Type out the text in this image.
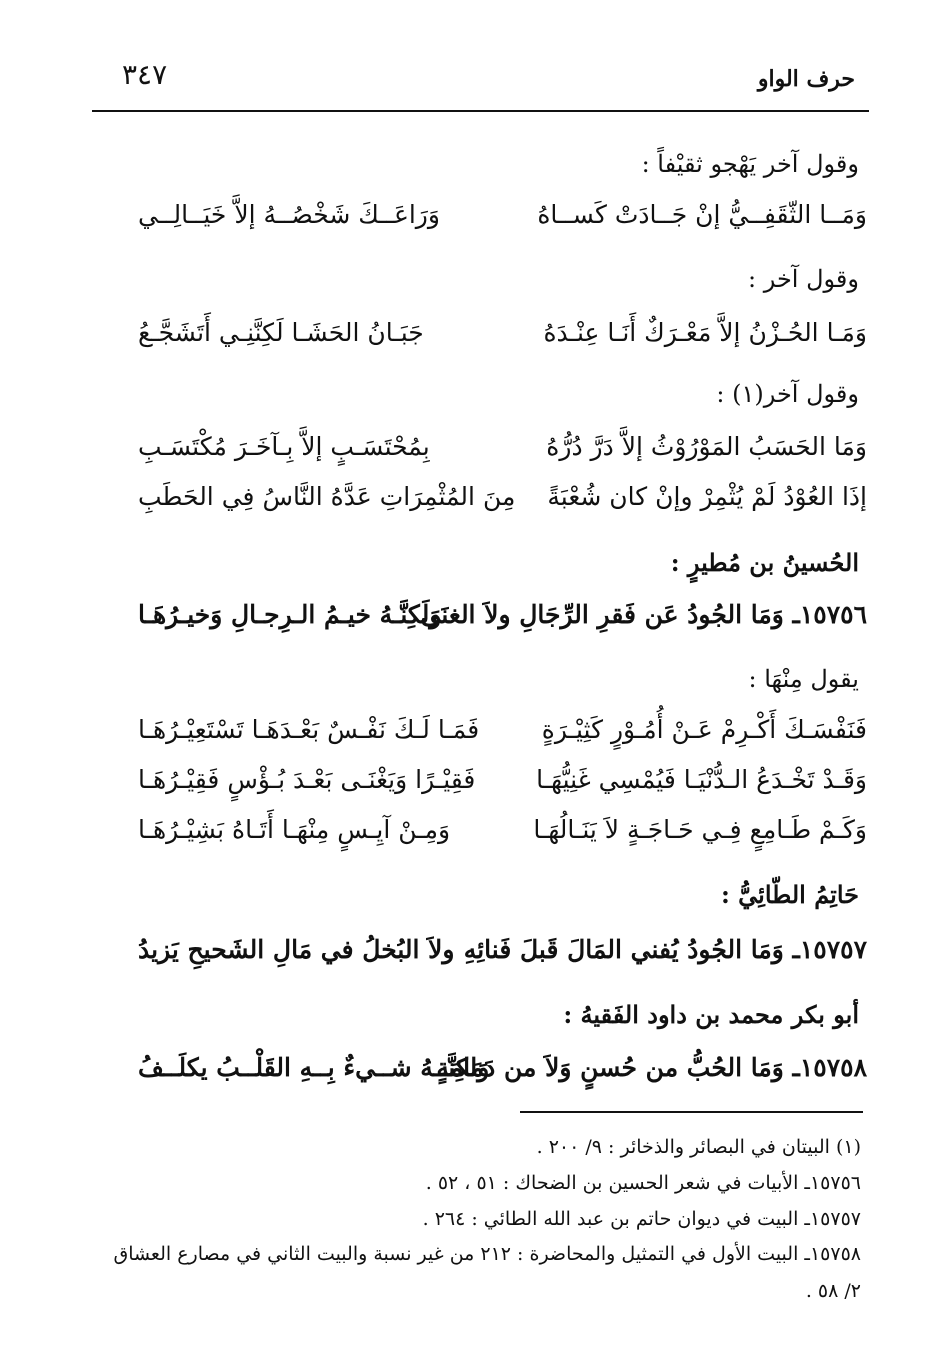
حرف الواو
٣٤٧
وقول آخر يَهْجو ثقيْفاً :
وَمَــا الثّقَفِــيُّ إنْ جَــادَتْ كَســاهُ
وَرَاعَــكَ شَخْصُــهُ إلاَّ خَيَــالِــي
وقول آخر :
وَمَـا الحُـزْنُ إلاَّ مَعْـرَكٌ أَنَـا عِنْـدَهُ
جَبَـانُ الحَشَـا لَكِنَّنِـي أَتَشَجَّـعُ
وقول آخر(١) :
وَمَا الحَسَبُ المَوْرُوْثُ إلاَّ دَرَّ دُرُّهُ
بِمُحْتَسَـبٍ إلاَّ بِـآخَـرَ مُكْتَسَـبِ
إذَا العُوْدُ لَمْ يُثْمِرْ وإنْ كان شُعْبَةً
مِنَ المُثْمِرَاتِ عَدَّهُ النَّاسُ فِي الحَطَبِ
الحُسينُ بن مُطيرٍ :
١٥٧٥٦ـ وَمَا الجُودُ عَن فَقرِ الرِّجَالِ ولاَ الغنَى
وَلَكِنَّـهُ خيـمُ الـرِجـالِ وَخيـرُهَـا
يقول مِنْهَا :
فَنَفْسَـكَ أَكْـرِمْ عَـنْ أُمُـوْرٍ كَثِيْـرَةٍ
فَمَـا لَـكَ نَفْـسٌ بَعْـدَهَـا تَسْتَعِيْـرُهَـا
وَقَـدْ تَخْـدَعُ الـدُّنْيَـا فَيُمْسِي غَنِيُّهَـا
فَقِيْـرًا وَيَغْنَـى بَعْـدَ بُـؤْسٍ فَقِيْـرُهَـا
وَكَـمْ طَـامِعٍ فِـي حَـاجَـةٍ لاَ يَنَـالُهَـا
وَمِـنْ آيِـسٍ مِنْهَـا أَتَـاهُ بَشِيْـرُهَـا
حَاتِمُ الطّائِيُّ :
١٥٧٥٧ـ وَمَا الجُودُ يُفني المَالَ قَبلَ فَنائِهِ
ولاَ البُخلُ في مَالِ الشَحيحِ يَزيدُ
أبو بكر محمد بن داود الفَقيهُ :
١٥٧٥٨ـ وَمَا الحُبُّ من حُسنٍ وَلاَ من دَمَامَةٍ
وَلكِنَّــهُ شــيءٌ بِــهِ القَلْــبُ يكلَــفُ
(١) البيتان في البصائر والذخائر : ٩/ ٢٠٠ .
١٥٧٥٦ـ الأبيات في شعر الحسين بن الضحاك : ٥١ ، ٥٢ .
١٥٧٥٧ـ البيت في ديوان حاتم بن عبد الله الطائي : ٢٦٤ .
١٥٧٥٨ـ البيت الأول في التمثيل والمحاضرة : ٢١٢ من غير نسبة والبيت الثاني في مصارع العشاق
٢/ ٥٨ .
